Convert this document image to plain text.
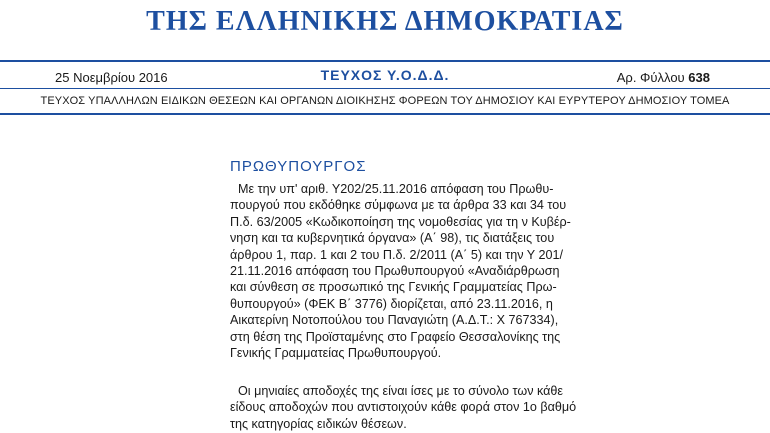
ΤΗΣ ΕΛΛΗΝΙΚΗΣ ΔΗΜΟΚΡΑΤΙΑΣ
25 Νοεμβρίου 2016	ΤΕΥΧΟΣ Υ.Ο.Δ.Δ.	Αρ. Φύλλου 638
ΤΕΥΧΟΣ ΥΠΑΛΛΗΛΩΝ ΕΙΔΙΚΩΝ ΘΕΣΕΩΝ ΚΑΙ ΟΡΓΑΝΩΝ ΔΙΟΙΚΗΣΗΣ ΦΟΡΕΩΝ ΤΟΥ ΔΗΜΟΣΙΟΥ ΚΑΙ ΕΥΡΥΤΕΡΟΥ ΔΗΜΟΣΙΟΥ ΤΟΜΕΑ
ΠΡΩΘΥΠΟΥΡΓΟΣ
Με την υπ' αριθ. Υ202/25.11.2016 απόφαση του Πρωθυ-
πουργού που εκδόθηκε σύμφωνα με τα άρθρα 33 και 34 του
Π.δ. 63/2005 «Κωδικοποίηση της νομοθεσίας για τη ν Κυβέρ-
νηση και τα κυβερνητικά όργανα» (Α΄ 98), τις διατάξεις του
άρθρου 1, παρ. 1 και 2 του Π.δ. 2/2011 (Α΄ 5) και την Υ 201/
21.11.2016 απόφαση του Πρωθυπουργού «Αναδιάρθρωση
και σύνθεση σε προσωπικό της Γενικής Γραμματείας Πρω-
θυπουργού» (ΦΕΚ Β΄ 3776) διορίζεται, από 23.11.2016, η
Αικατερίνη Νοτοπούλου του Παναγιώτη (Α.Δ.Τ.: Χ 767334),
στη θέση της Προϊσταμένης στο Γραφείο Θεσσαλονίκης της
Γενικής Γραμματείας Πρωθυπουργού.
Οι μηνιαίες αποδοχές της είναι ίσες με το σύνολο των κάθε
είδους αποδοχών που αντιστοιχούν κάθε φορά στον 1ο βαθμό
της κατηγορίας ειδικών θέσεων.
